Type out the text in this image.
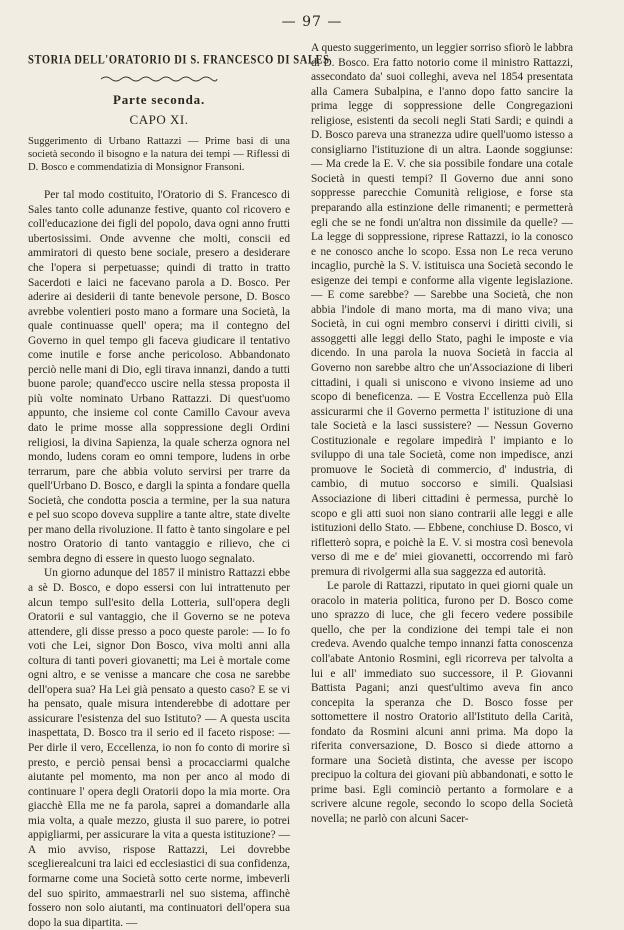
— 97 —
STORIA DELL'ORATORIO DI S. FRANCESCO DI SALES
Parte seconda.
CAPO XI.
Suggerimento di Urbano Rattazzi — Prime basi di una società secondo il bisogno e la natura dei tempi — Riflessi di D. Bosco e commendatizia di Monsignor Fransoni.

Per tal modo costituito, l'Oratorio di S. Francesco di Sales tanto colle adunanze festive, quanto col ricovero e coll'educazione dei figli del popolo, dava ogni anno frutti ubertosissimi. Onde avvenne che molti, conscii ed ammiratori di questo bene sociale, presero a desiderare che l'opera si perpetuasse; quindi di tratto in tratto Sacerdoti e laici ne facevano parola a D. Bosco. Per aderire ai desiderii di tante benevole persone, D. Bosco avrebbe volentieri posto mano a formare una Società, la quale continuasse quell' opera; ma il contegno del Governo in quel tempo gli faceva giudicare il tentativo come inutile e forse anche pericoloso. Abbandonato perciò nelle mani di Dio, egli tirava innanzi, dando a tutti buone parole; quand'ecco uscire nella stessa proposta il più volte nominato Urbano Rattazzi. Di quest'uomo appunto, che insieme col conte Camillo Cavour aveva dato le prime mosse alla soppressione degli Ordini religiosi, la divina Sapienza, la quale scherza ognora nel mondo, ludens coram eo omni tempore, ludens in orbe terrarum, pare che abbia voluto servirsi per trarre da quell'Urbano D. Bosco, e dargli la spinta a fondare quella Società, che condotta poscia a termine, per la sua natura e pel suo scopo doveva supplire a tante altre, state divelte per mano della rivoluzione. Il fatto è tanto singolare e pel nostro Oratorio di tanto vantaggio e rilievo, che ci sembra degno di essere in questo luogo segnalato.

Un giorno adunque del 1857 il ministro Rattazzi ebbe a sè D. Bosco, e dopo essersi con lui intrattenuto per alcun tempo sull'esito della Lotteria, sull'opera degli Oratorii e sul vantaggio, che il Governo se ne poteva attendere, gli disse presso a poco queste parole: — Io fo voti che Lei, signor Don Bosco, viva molti anni alla coltura di tanti poveri giovanetti; ma Lei è mortale come ogni altro, e se venisse a mancare che cosa ne sarebbe dell'opera sua? Ha Lei già pensato a questo caso? E se vi ha pensato, quale misura intenderebbe di adottare per assicurare l'esistenza del suo Istituto? — A questa uscita inaspettata, D. Bosco tra il serio ed il faceto rispose: — Per dirle il vero, Eccellenza, io non fo conto di morire sì presto, e perciò pensai bensì a procacciarmi qualche aiutante pel momento, ma non per anco al modo di continuare l' opera degli Oratorii dopo la mia morte. Ora giacchè Ella me ne fa parola, saprei a domandarle alla mia volta, a quale mezzo, giusta il suo parere, io potrei appigliarmi, per assicurare la vita a questa istituzione? — A mio avviso, rispose Rattazzi, Lei dovrebbe sceglierealcuni tra laici ed ecclesiastici di sua confidenza, formarne come una Società sotto certe norme, imbeverli del suo spirito, ammaestrarli nel suo sistema, affinchè fossero non solo aiutanti, ma continuatori dell'opera sua dopo la sua dipartita. —

A questo suggerimento, un leggier sorriso sfiorò le labbra di D. Bosco. Era fatto notorio come il ministro Rattazzi, assecondato da' suoi colleghi, aveva nel 1854 presentata alla Camera Subalpina, e l'anno dopo fatto sancire la prima legge di soppressione delle Congregazioni religiose, esistenti da secoli negli Stati Sardi; e quindi a D. Bosco pareva una stranezza udire quell'uomo istesso a consigliarno l'istituzione di un altra. Laonde soggiunse: — Ma crede la E. V. che sia possibile fondare una cotale Società in questi tempi? Il Governo due anni sono soppresse parecchie Comunità religiose, e forse sta preparando alla estinzione delle rimanenti; e permetterà egli che se ne fondi un'altra non dissimile da quelle? — La legge di soppressione, riprese Rattazzi, io la conosco e ne conosco anche lo scopo. Essa non Le reca veruno incaglio, purchè la S. V. istituisca una Società secondo le esigenze dei tempi e conforme alla vigente legislazione. — E come sarebbe? — Sarebbe una Società, che non abbia l'indole di mano morta, ma di mano viva; una Società, in cui ogni membro conservi i diritti civili, si assoggetti alle leggi dello Stato, paghi le imposte e via dicendo. In una parola la nuova Società in faccia al Governo non sarebbe altro che un'Associazione di liberi cittadini, i quali si uniscono e vivono insieme ad uno scopo di beneficenza. — E Vostra Eccellenza può Ella assicurarmi che il Governo permetta l' istituzione di una tale Società e la lasci sussistere? — Nessun Governo Costituzionale e regolare impedirà l' impianto e lo sviluppo di una tale Società, come non impedisce, anzi promuove le Società di commercio, d' industria, di cambio, di mutuo soccorso e simili. Qualsiasi Associazione di liberi cittadini è permessa, purchè lo scopo e gli atti suoi non siano contrarii alle leggi e alle istituzioni dello Stato. — Ebbene, conchiuse D. Bosco, vi rifletterò sopra, e poichè la E. V. si mostra così benevola verso di me e de' miei giovanetti, occorrendo mi farò premura di rivolgermi alla sua saggezza ed autorità.

Le parole di Rattazzi, riputato in quei giorni quale un oracolo in materia politica, furono per D. Bosco come uno sprazzo di luce, che gli fecero vedere possibile quello, che per la condizione dei tempi tale ei non credeva. Avendo qualche tempo innanzi fatta conoscenza coll'abate Antonio Rosmini, egli ricorreva per talvolta a lui e all' immediato suo successore, il P. Giovanni Battista Pagani; anzi quest'ultimo aveva fin anco concepita la speranza che D. Bosco fosse per sottomettere il nostro Oratorio all'Istituto della Carità, fondato da Rosmini alcuni anni prima. Ma dopo la riferita conversazione, D. Bosco si diede attorno a formare una Società distinta, che avesse per iscopo precipuo la coltura dei giovani più abbandonati, e sotto le prime basi. Egli cominciò pertanto a formolare e a scrivere alcune regole, secondo lo scopo della Società novella; ne parlò con alcuni Sacer-
